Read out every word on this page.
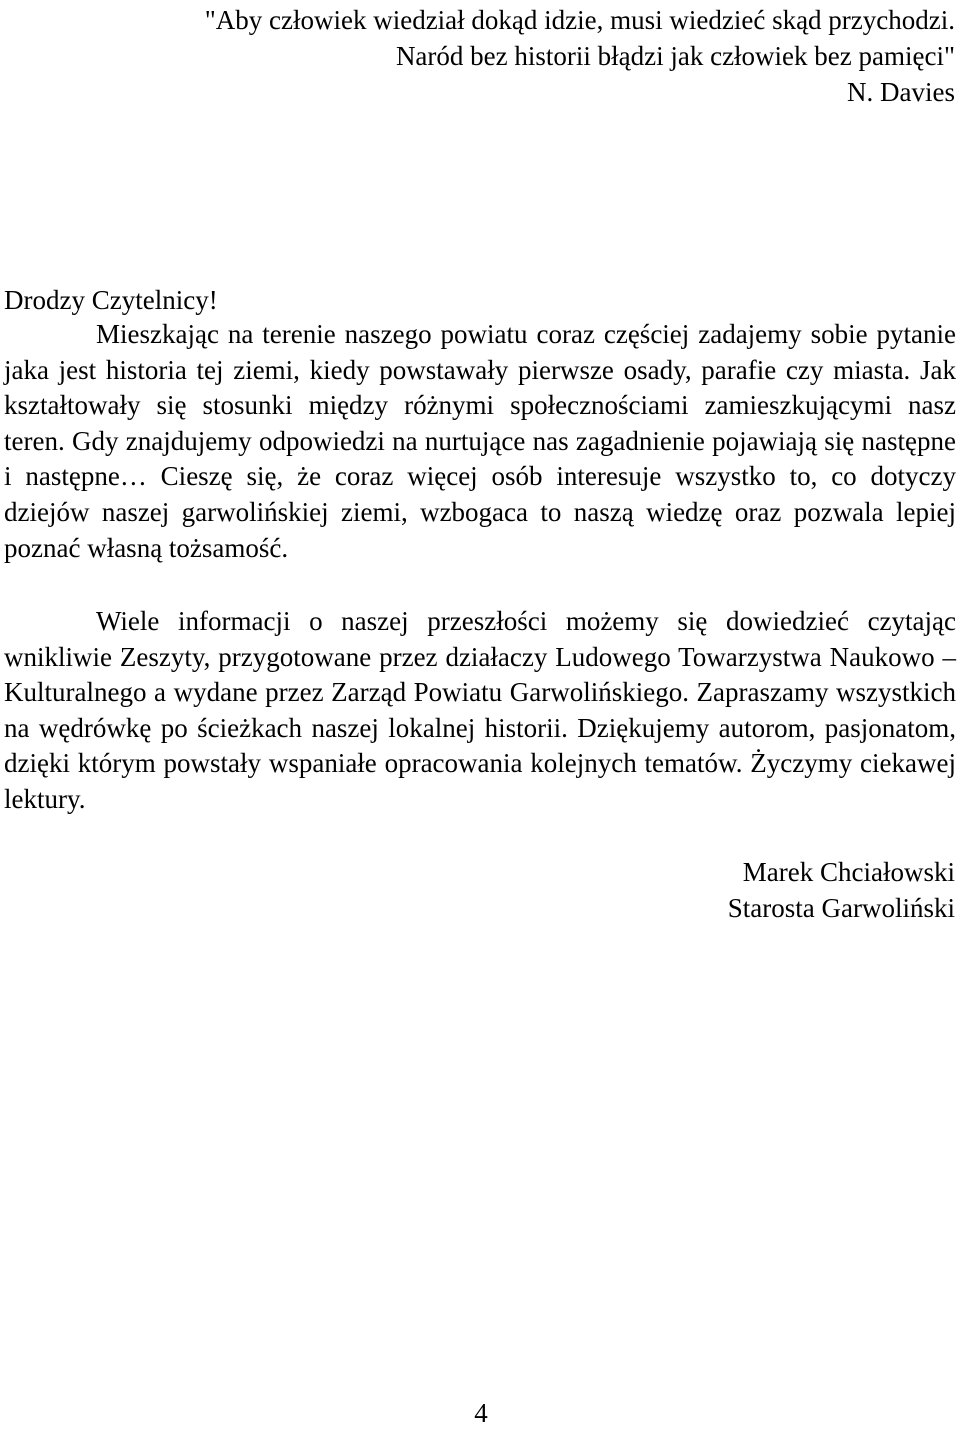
"Aby człowiek wiedział dokąd idzie, musi wiedzieć skąd przychodzi.
Naród bez historii błądzi jak człowiek bez pamięci"
N. Davies
Drodzy Czytelnicy!

Mieszkając na terenie naszego powiatu coraz częściej zadajemy sobie pytanie jaka jest historia tej ziemi, kiedy powstawały pierwsze osady, parafie czy miasta. Jak kształtowały się stosunki między różnymi społecznościami zamieszkującymi nasz teren. Gdy znajdujemy odpowiedzi na nurtujące nas zagadnienie pojawiają się następne i następne… Cieszę się, że coraz więcej osób interesuje wszystko to, co dotyczy dziejów naszej garwolińskiej ziemi, wzbogaca to naszą wiedzę oraz pozwala lepiej poznać własną tożsamość.

Wiele informacji o naszej przeszłości możemy się dowiedzieć czytając wnikliwie Zeszyty, przygotowane przez działaczy Ludowego Towarzystwa Naukowo – Kulturalnego a wydane przez Zarząd Powiatu Garwolińskiego. Zapraszamy wszystkich na wędrówkę po ścieżkach naszej lokalnej historii. Dziękujemy autorom, pasjonatom, dzięki którym powstały wspaniałe opracowania kolejnych tematów. Życzymy ciekawej lektury.

Marek Chciałowski
Starosta Garwoliński
4
